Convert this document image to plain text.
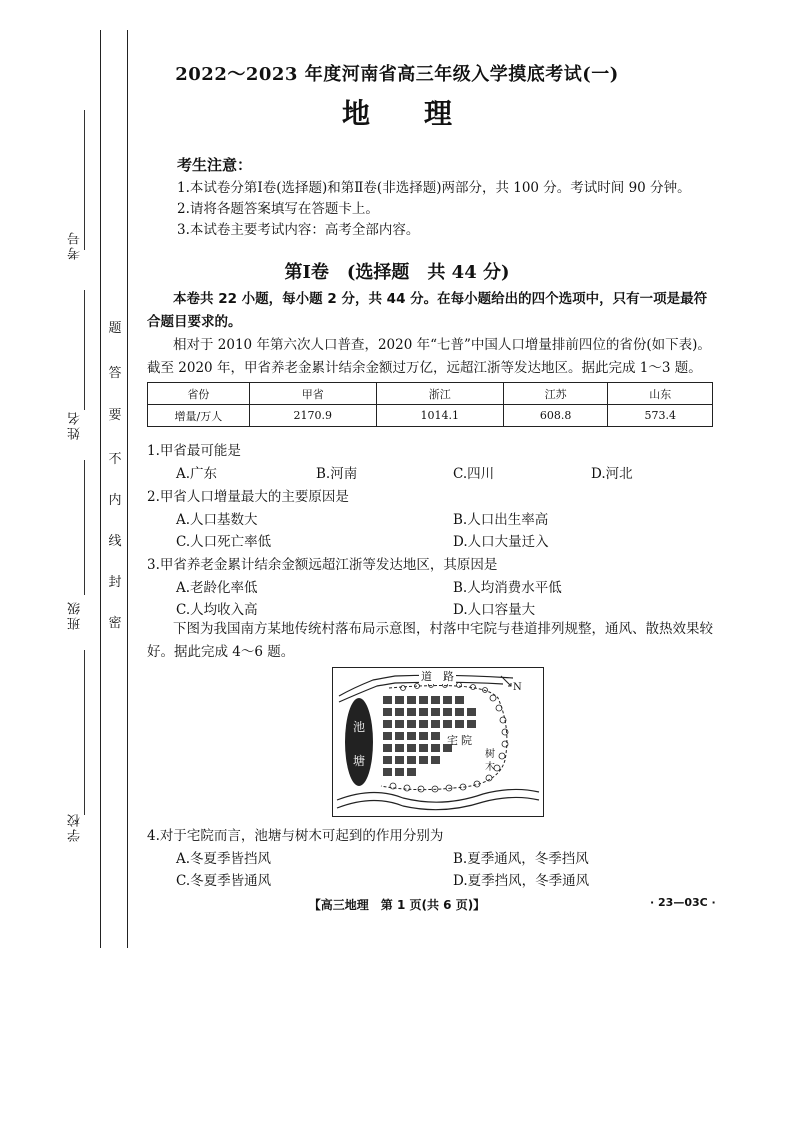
考号
姓名
班级
学校
密
封
线
内
不
要
答
题
2022～2023 年度河南省高三年级入学摸底考试(一)
地理
考生注意：
1.本试卷分第Ⅰ卷(选择题)和第Ⅱ卷(非选择题)两部分，共 100 分。考试时间 90 分钟。
2.请将各题答案填写在答题卡上。
3.本试卷主要考试内容：高考全部内容。
第Ⅰ卷　(选择题　共 44 分)
本卷共 22 小题，每小题 2 分，共 44 分。在每小题给出的四个选项中，只有一项是最符合题目要求的。
相对于 2010 年第六次人口普查，2020 年“七普”中国人口增量排前四位的省份(如下表)。截至 2020 年，甲省养老金累计结余金额过万亿，远超江浙等发达地区。据此完成 1～3 题。
省份	甲省	浙江	江苏	山东
增量/万人	2170.9	1014.1	608.8	573.4
1.甲省最可能是
A.广东	B.河南	C.四川	D.河北
2.甲省人口增量最大的主要原因是
A.人口基数大	B.人口出生率高
C.人口死亡率低	D.人口大量迁入
3.甲省养老金累计结余金额远超江浙等发达地区，其原因是
A.老龄化率低	B.人均消费水平低
C.人均收入高	D.人口容量大
下图为我国南方某地传统村落布局示意图，村落中宅院与巷道排列规整，通风、散热效果较好。据此完成 4～6 题。
道　路
N
池
塘
宅院
树木
4.对于宅院而言，池塘与树木可起到的作用分别为
A.冬夏季皆挡风	B.夏季通风，冬季挡风
C.冬夏季皆通风	D.夏季挡风，冬季通风
【高三地理　第 1 页(共 6 页)】	· 23—03C ·
